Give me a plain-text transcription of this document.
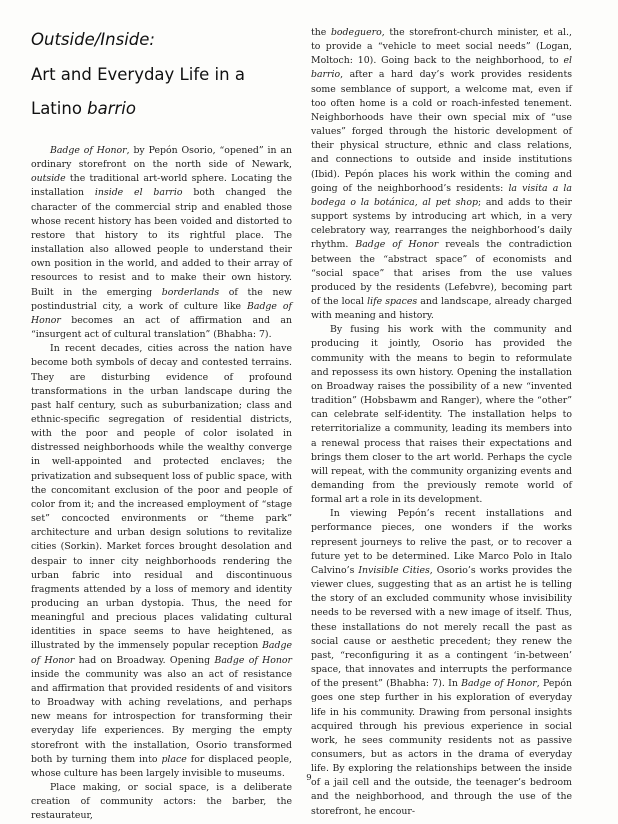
Outside/Inside:
Art and Everyday Life in a
Latino barrio

Badge of Honor, by Pepón Osorio, “opened” in an ordinary storefront on the north side of Newark, outside the traditional art-world sphere. Locating the installation inside el barrio both changed the character of the commercial strip and enabled those whose recent history has been voided and distorted to restore that history to its rightful place. The installation also allowed people to understand their own position in the world, and added to their array of resources to resist and to make their own history. Built in the emerging borderlands of the new postindustrial city, a work of culture like Badge of Honor becomes an act of affirmation and an “insurgent act of cultural translation” (Bhabha: 7).

In recent decades, cities across the nation have become both symbols of decay and contested terrains. They are disturbing evidence of profound transformations in the urban landscape during the past half century, such as suburbanization; class and ethnic-specific segregation of residential districts, with the poor and people of color isolated in distressed neighborhoods while the wealthy converge in well-appointed and protected enclaves; the privatization and subsequent loss of public space, with the concomitant exclusion of the poor and people of color from it; and the increased employment of “stage set” concocted environments or “theme park” architecture and urban design solutions to revitalize cities (Sorkin). Market forces brought desolation and despair to inner city neighborhoods rendering the urban fabric into residual and discontinuous fragments attended by a loss of memory and identity producing an urban dystopia. Thus, the need for meaningful and precious places validating cultural identities in space seems to have heightened, as illustrated by the immensely popular reception Badge of Honor had on Broadway. Opening Badge of Honor inside the community was also an act of resistance and affirmation that provided residents of and visitors to Broadway with aching revelations, and perhaps new means for introspection for transforming their everyday life experiences. By merging the empty storefront with the installation, Osorio transformed both by turning them into place for displaced people, whose culture has been largely invisible to museums.

Place making, or social space, is a deliberate creation of community actors: the barber, the restaurateur,

the bodeguero, the storefront-church minister, et al., to provide a “vehicle to meet social needs” (Logan, Moltoch: 10). Going back to the neighborhood, to el barrio, after a hard day’s work provides residents some semblance of support, a welcome mat, even if too often home is a cold or roach-infested tenement. Neighborhoods have their own special mix of “use values” forged through the historic development of their physical structure, ethnic and class relations, and connections to outside and inside institutions (Ibid). Pepón places his work within the coming and going of the neighborhood’s residents: la visita a la bodega o la botánica, al pet shop; and adds to their support systems by introducing art which, in a very celebratory way, rearranges the neighborhood’s daily rhythm. Badge of Honor reveals the contradiction between the “abstract space” of economists and “social space” that arises from the use values produced by the residents (Lefebvre), becoming part of the local life spaces and landscape, already charged with meaning and history.

By fusing his work with the community and producing it jointly, Osorio has provided the community with the means to begin to reformulate and repossess its own history. Opening the installation on Broadway raises the possibility of a new “invented tradition” (Hobsbawm and Ranger), where the “other” can celebrate self-identity. The installation helps to reterritorialize a community, leading its members into a renewal process that raises their expectations and brings them closer to the art world. Perhaps the cycle will repeat, with the community organizing events and demanding from the previously remote world of formal art a role in its development.

In viewing Pepón’s recent installations and performance pieces, one wonders if the works represent journeys to relive the past, or to recover a future yet to be determined. Like Marco Polo in Italo Calvino’s Invisible Cities, Osorio’s works provides the viewer clues, suggesting that as an artist he is telling the story of an excluded community whose invisibility needs to be reversed with a new image of itself. Thus, these installations do not merely recall the past as social cause or aesthetic precedent; they renew the past, “reconfiguring it as a contingent ‘in-between’ space, that innovates and interrupts the performance of the present” (Bhabha: 7). In Badge of Honor, Pepón goes one step further in his exploration of everyday life in his community. Drawing from personal insights acquired through his previous experience in social work, he sees community residents not as passive consumers, but as actors in the drama of everyday life. By exploring the relationships between the inside of a jail cell and the outside, the teenager’s bedroom and the neighborhood, and through the use of the storefront, he encour-

9
